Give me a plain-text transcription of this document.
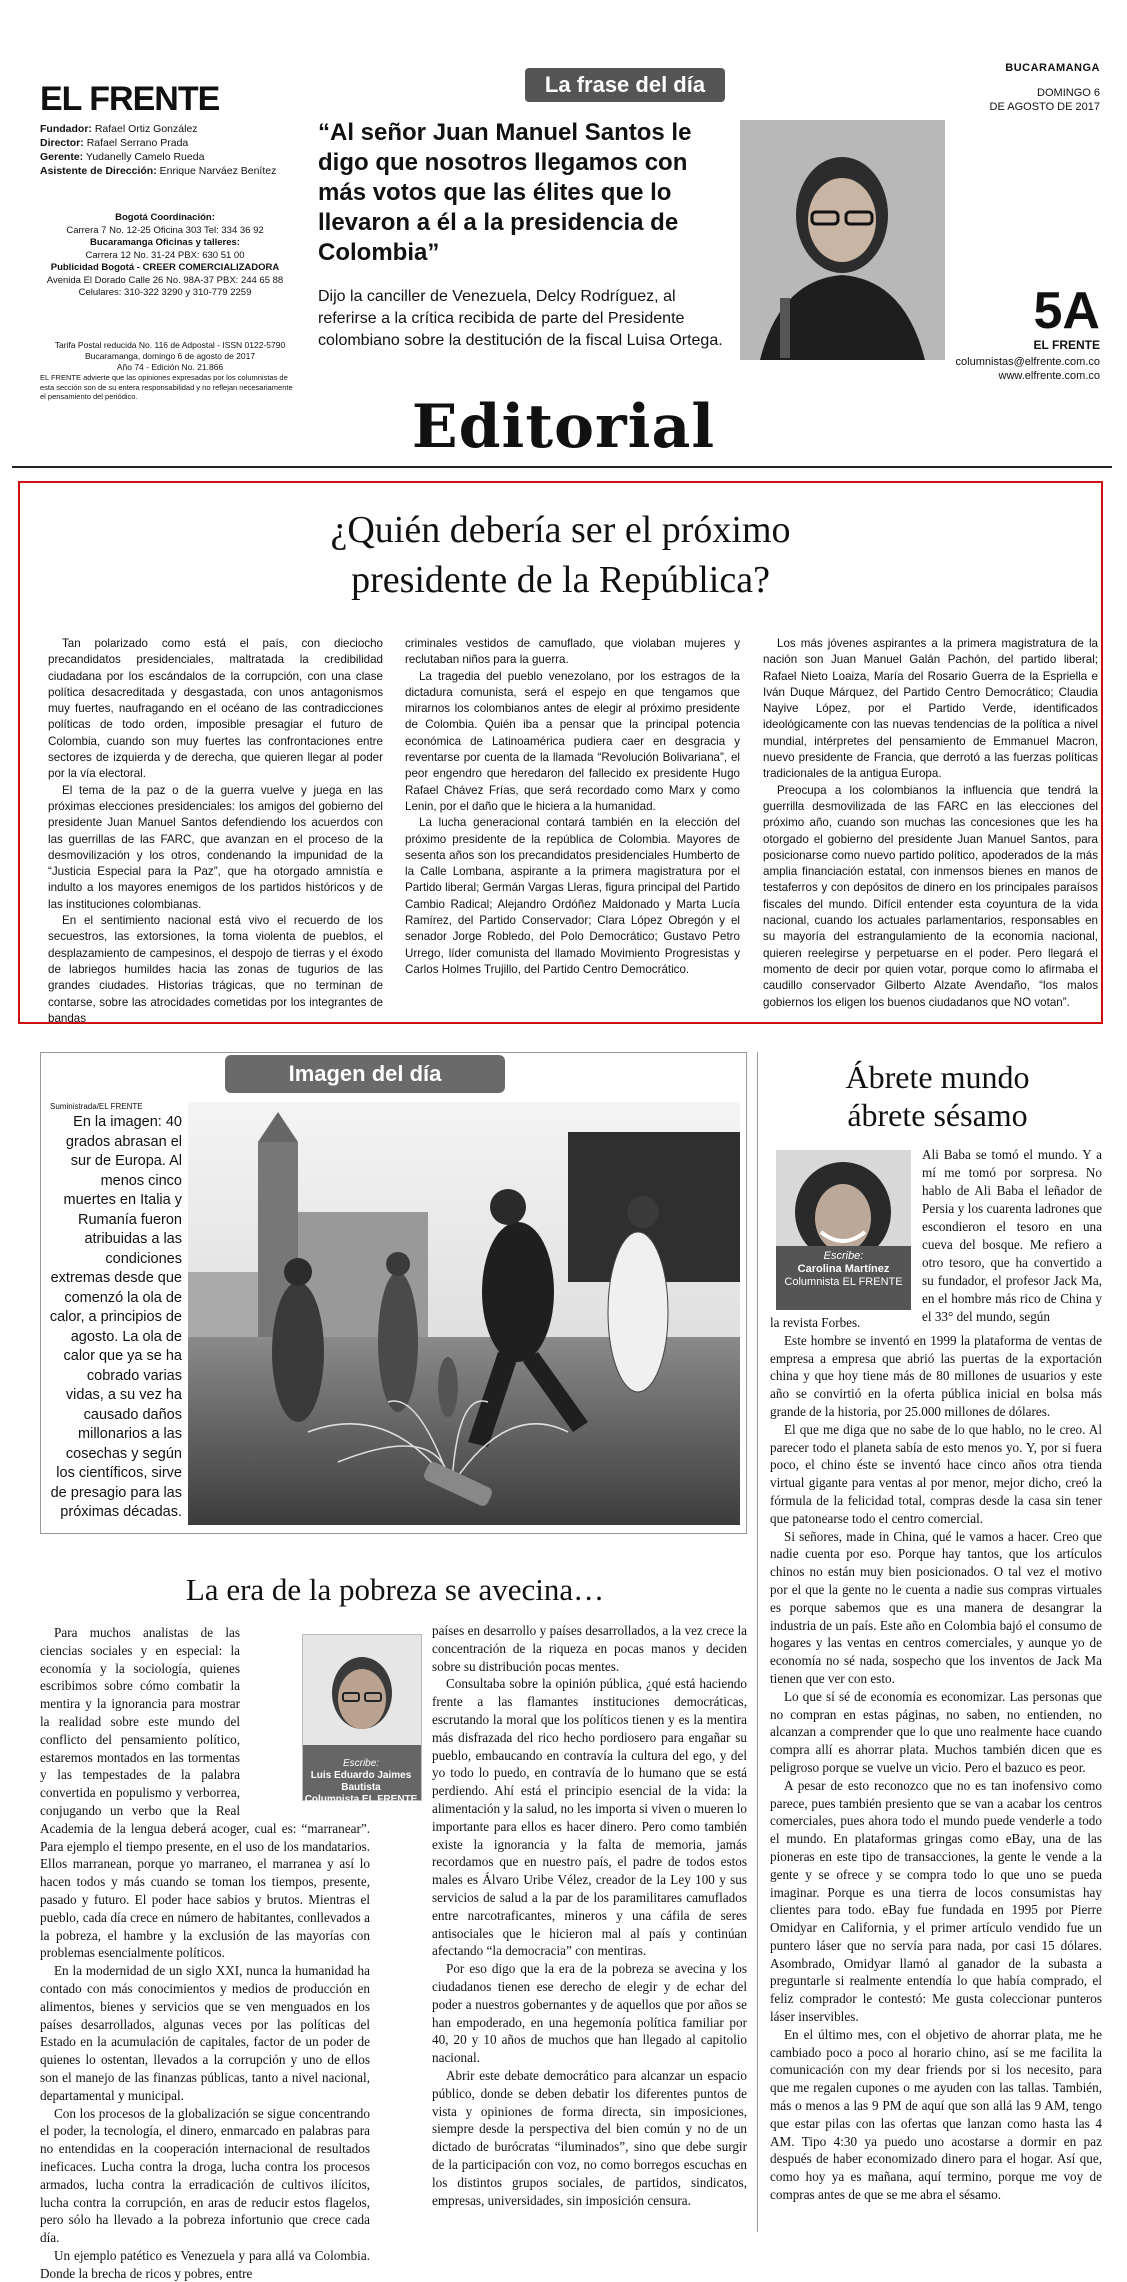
EL FRENTE
Fundador: Rafael Ortiz González
Director: Rafael Serrano Prada
Gerente: Yudanelly Camelo Rueda
Asistente de Dirección: Enrique Narváez Benítez
Bogotá Coordinación:
Carrera 7 No. 12-25 Oficina 303 Tel: 334 36 92
Bucaramanga Oficinas y talleres:
Carrera 12 No. 31-24 PBX: 630 51 00
Publicidad Bogotá - CREER COMERCIALIZADORA
Avenida El Dorado Calle 26 No. 98A-37 PBX: 244 65 88
Celulares: 310-322 3290 y 310-779 2259
Tarifa Postal reducida No. 116 de Adpostal - ISSN 0122-5790
Bucaramanga, domingo 6 de agosto de 2017
Año 74 - Edición No. 21.866
EL FRENTE advierte que las opiniones expresadas por los columnistas de esta sección son de su entera responsabilidad y no reflejan necesariamente el pensamiento del periódico.
La frase del día
“Al señor Juan Manuel Santos le digo que nosotros llegamos con más votos que las élites que lo llevaron a él a la presidencia de Colombia”
Dijo la canciller de Venezuela, Delcy Rodríguez, al referirse a la crítica recibida de parte del Presidente colombiano sobre la destitución de la fiscal Luisa Ortega.
BUCARAMANGA
DOMINGO 6
DE AGOSTO DE 2017
5A
EL FRENTE
columnistas@elfrente.com.co
www.elfrente.com.co
Editorial
¿Quién debería ser el próximo
presidente de la República?

Tan polarizado como está el país, con dieciocho precandidatos presidenciales, maltratada la credibilidad ciudadana por los escándalos de la corrupción, con una clase política desacreditada y desgastada, con unos antagonismos muy fuertes, naufragando en el océano de las contradicciones políticas de todo orden, imposible presagiar el futuro de Colombia, cuando son muy fuertes las confrontaciones entre sectores de izquierda y de derecha, que quieren llegar al poder por la vía electoral.

El tema de la paz o de la guerra vuelve y juega en las próximas elecciones presidenciales: los amigos del gobierno del presidente Juan Manuel Santos defendiendo los acuerdos con las guerrillas de las FARC, que avanzan en el proceso de la desmovilización y los otros, condenando la impunidad de la “Justicia Especial para la Paz”, que ha otorgado amnistía e indulto a los mayores enemigos de los partidos históricos y de las instituciones colombianas.

En el sentimiento nacional está vivo el recuerdo de los secuestros, las extorsiones, la toma violenta de pueblos, el desplazamiento de campesinos, el despojo de tierras y el éxodo de labriegos humildes hacia las zonas de tugurios de las grandes ciudades. Historias trágicas, que no terminan de contarse, sobre las atrocidades cometidas por los integrantes de bandas

criminales vestidos de camuflado, que violaban mujeres y reclutaban niños para la guerra.

La tragedia del pueblo venezolano, por los estragos de la dictadura comunista, será el espejo en que tengamos que mirarnos los colombianos antes de elegir al próximo presidente de Colombia. Quién iba a pensar que la principal potencia económica de Latinoamérica pudiera caer en desgracia y reventarse por cuenta de la llamada “Revolución Bolivariana”, el peor engendro que heredaron del fallecido ex presidente Hugo Rafael Chávez Frías, que será recordado como Marx y como Lenin, por el daño que le hiciera a la humanidad.

La lucha generacional contará también en la elección del próximo presidente de la república de Colombia. Mayores de sesenta años son los precandidatos presidenciales Humberto de la Calle Lombana, aspirante a la primera magistratura por el Partido liberal; Germán Vargas Lleras, figura principal del Partido Cambio Radical; Alejandro Ordóñez Maldonado y Marta Lucía Ramírez, del Partido Conservador; Clara López Obregón y el senador Jorge Robledo, del Polo Democrático; Gustavo Petro Urrego, líder comunista del llamado Movimiento Progresistas y Carlos Holmes Trujillo, del Partido Centro Democrático.

Los más jóvenes aspirantes a la primera magistratura de la nación son Juan Manuel Galán Pachón, del partido liberal; Rafael Nieto Loaiza, María del Rosario Guerra de la Espriella e Iván Duque Márquez, del Partido Centro Democrático; Claudia Nayive López, por el Partido Verde, identificados ideológicamente con las nuevas tendencias de la política a nivel mundial, intérpretes del pensamiento de Emmanuel Macron, nuevo presidente de Francia, que derrotó a las fuerzas políticas tradicionales de la antigua Europa.

Preocupa a los colombianos la influencia que tendrá la guerrilla desmovilizada de las FARC en las elecciones del próximo año, cuando son muchas las concesiones que les ha otorgado el gobierno del presidente Juan Manuel Santos, para posicionarse como nuevo partido político, apoderados de la más amplia financiación estatal, con inmensos bienes en manos de testaferros y con depósitos de dinero en los principales paraísos fiscales del mundo. Difícil entender esta coyuntura de la vida nacional, cuando los actuales parlamentarios, responsables en su mayoría del estrangulamiento de la economía nacional, quieren reelegirse y perpetuarse en el poder. Pero llegará el momento de decir por quien votar, porque como lo afirmaba el caudillo conservador Gilberto Alzate Avendaño, “los malos gobiernos los eligen los buenos ciudadanos que NO votan”.

Imagen del día
Suministrada/EL FRENTE
En la imagen: 40 grados abrasan el sur de Europa. Al menos cinco muertes en Italia y Rumanía fueron atribuidas a las condiciones extremas desde que comenzó la ola de calor, a principios de agosto. La ola de calor que ya se ha cobrado varias vidas, a su vez ha causado daños millonarios a las cosechas y según los científicos, sirve de presagio para las próximas décadas.
Ábrete mundo
ábrete sésamo
Escribe:
Carolina Martínez
Columnista EL FRENTE

Ali Baba se tomó el mundo. Y a mí me tomó por sorpresa. No hablo de Ali Baba el leñador de Persia y los cuarenta ladrones que escondieron el tesoro en una cueva del bosque. Me refiero a otro tesoro, que ha convertido a su fundador, el profesor Jack Ma, en el hombre más rico de China y el 33° del mundo, según

la revista Forbes.

Este hombre se inventó en 1999 la plataforma de ventas de empresa a empresa que abrió las puertas de la exportación china y que hoy tiene más de 80 millones de usuarios y este año se convirtió en la oferta pública inicial en bolsa más grande de la historia, por 25.000 millones de dólares.

El que me diga que no sabe de lo que hablo, no le creo. Al parecer todo el planeta sabía de esto menos yo. Y, por si fuera poco, el chino éste se inventó hace cinco años otra tienda virtual gigante para ventas al por menor, mejor dicho, creó la fórmula de la felicidad total, compras desde la casa sin tener que patonearse todo el centro comercial.

Si señores, made in China, qué le vamos a hacer. Creo que nadie cuenta por eso. Porque hay tantos, que los artículos chinos no están muy bien posicionados. O tal vez el motivo por el que la gente no le cuenta a nadie sus compras virtuales es porque sabemos que es una manera de desangrar la industria de un país. Este año en Colombia bajó el consumo de hogares y las ventas en centros comerciales, y aunque yo de economía no sé nada, sospecho que los inventos de Jack Ma tienen que ver con esto.

Lo que sí sé de economía es economizar. Las personas que no compran en estas páginas, no saben, no entienden, no alcanzan a comprender que lo que uno realmente hace cuando compra allí es ahorrar plata. Muchos también dicen que es peligroso porque se vuelve un vicio. Pero el bazuco es peor.

A pesar de esto reconozco que no es tan inofensivo como parece, pues también presiento que se van a acabar los centros comerciales, pues ahora todo el mundo puede venderle a todo el mundo. En plataformas gringas como eBay, una de las pioneras en este tipo de transacciones, la gente le vende a la gente y se ofrece y se compra todo lo que uno se pueda imaginar. Porque es una tierra de locos consumistas hay clientes para todo. eBay fue fundada en 1995 por Pierre Omidyar en California, y el primer artículo vendido fue un puntero láser que no servía para nada, por casi 15 dólares. Asombrado, Omidyar llamó al ganador de la subasta a preguntarle si realmente entendía lo que había comprado, el feliz comprador le contestó: Me gusta coleccionar punteros láser inservibles.

En el último mes, con el objetivo de ahorrar plata, me he cambiado poco a poco al horario chino, así se me facilita la comunicación con my dear friends por si los necesito, para que me regalen cupones o me ayuden con las tallas. También, más o menos a las 9 PM de aquí que son allá las 9 AM, tengo que estar pilas con las ofertas que lanzan como hasta las 4 AM. Tipo 4:30 ya puedo uno acostarse a dormir en paz después de haber economizado dinero para el hogar. Así que, como hoy ya es mañana, aquí termino, porque me voy de compras antes de que se me abra el sésamo.

La era de la pobreza se avecina…

Para muchos analistas de las ciencias sociales y en especial: la economía y la sociología, quienes escribimos sobre cómo combatir la mentira y la ignorancia para mostrar la realidad sobre este mundo del conflicto del pensamiento político, estaremos montados en las tormentas y las tempestades de la palabra convertida en populismo y verborrea, conjugando un verbo que la Real Academia de la lengua deberá acoger, cual es: “marranear”. Para ejemplo el tiempo presente, en el uso de los mandatarios. Ellos marranean, porque yo marraneo, el marranea y así lo hacen todos y más cuando se toman los tiempos, presente, pasado y futuro. El poder hace sabios y brutos. Mientras el pueblo, cada día crece en número de habitantes, conllevados a la pobreza, el hambre y la exclusión de las mayorías con problemas esencialmente políticos.

En la modernidad de un siglo XXI, nunca la humanidad ha contado con más conocimientos y medios de producción en alimentos, bienes y servicios que se ven menguados en los países desarrollados, algunas veces por las políticas del Estado en la acumulación de capitales, factor de un poder de quienes lo ostentan, llevados a la corrupción y uno de ellos son el manejo de las finanzas públicas, tanto a nivel nacional, departamental y municipal.

Con los procesos de la globalización se sigue concentrando el poder, la tecnología, el dinero, enmarcado en palabras para no entendidas en la cooperación internacional de resultados ineficaces. Lucha contra la droga, lucha contra los procesos armados, lucha contra la erradicación de cultivos ilícitos, lucha contra la corrupción, en aras de reducir estos flagelos, pero sólo ha llevado a la pobreza infortunio que crece cada día.

Un ejemplo patético es Venezuela y para allá va Colombia. Donde la brecha de ricos y pobres, entre

Escribe:
Luis Eduardo Jaimes Bautista
Columnista EL FRENTE

países en desarrollo y países desarrollados, a la vez crece la concentración de la riqueza en pocas manos y deciden sobre su distribución pocas mentes.

Consultaba sobre la opinión pública, ¿qué está haciendo frente a las flamantes instituciones democráticas, escrutando la moral que los políticos tienen y es la mentira más disfrazada del rico hecho pordiosero para engañar su pueblo, embaucando en contravía la cultura del ego, y del yo todo lo puedo, en contravía de lo humano que se está perdiendo. Ahí está el principio esencial de la vida: la alimentación y la salud, no les importa si viven o mueren lo importante para ellos es hacer dinero. Pero como también existe la ignorancia y la falta de memoria, jamás recordamos que en nuestro país, el padre de todos estos males es Álvaro Uribe Vélez, creador de la Ley 100 y sus servicios de salud a la par de los paramilitares camuflados entre narcotraficantes, mineros y una cáfila de seres antisociales que le hicieron mal al país y continúan afectando “la democracia” con mentiras.

Por eso digo que la era de la pobreza se avecina y los ciudadanos tienen ese derecho de elegir y de echar del poder a nuestros gobernantes y de aquellos que por años se han empoderado, en una hegemonía política familiar por 40, 20 y 10 años de muchos que han llegado al capitolio nacional.

Abrir este debate democrático para alcanzar un espacio público, donde se deben debatir los diferentes puntos de vista y opiniones de forma directa, sin imposiciones, siempre desde la perspectiva del bien común y no de un dictado de burócratas “iluminados”, sino que debe surgir de la participación con voz, no como borregos escuchas en los distintos grupos sociales, de partidos, sindicatos, empresas, universidades, sin imposición censura.
